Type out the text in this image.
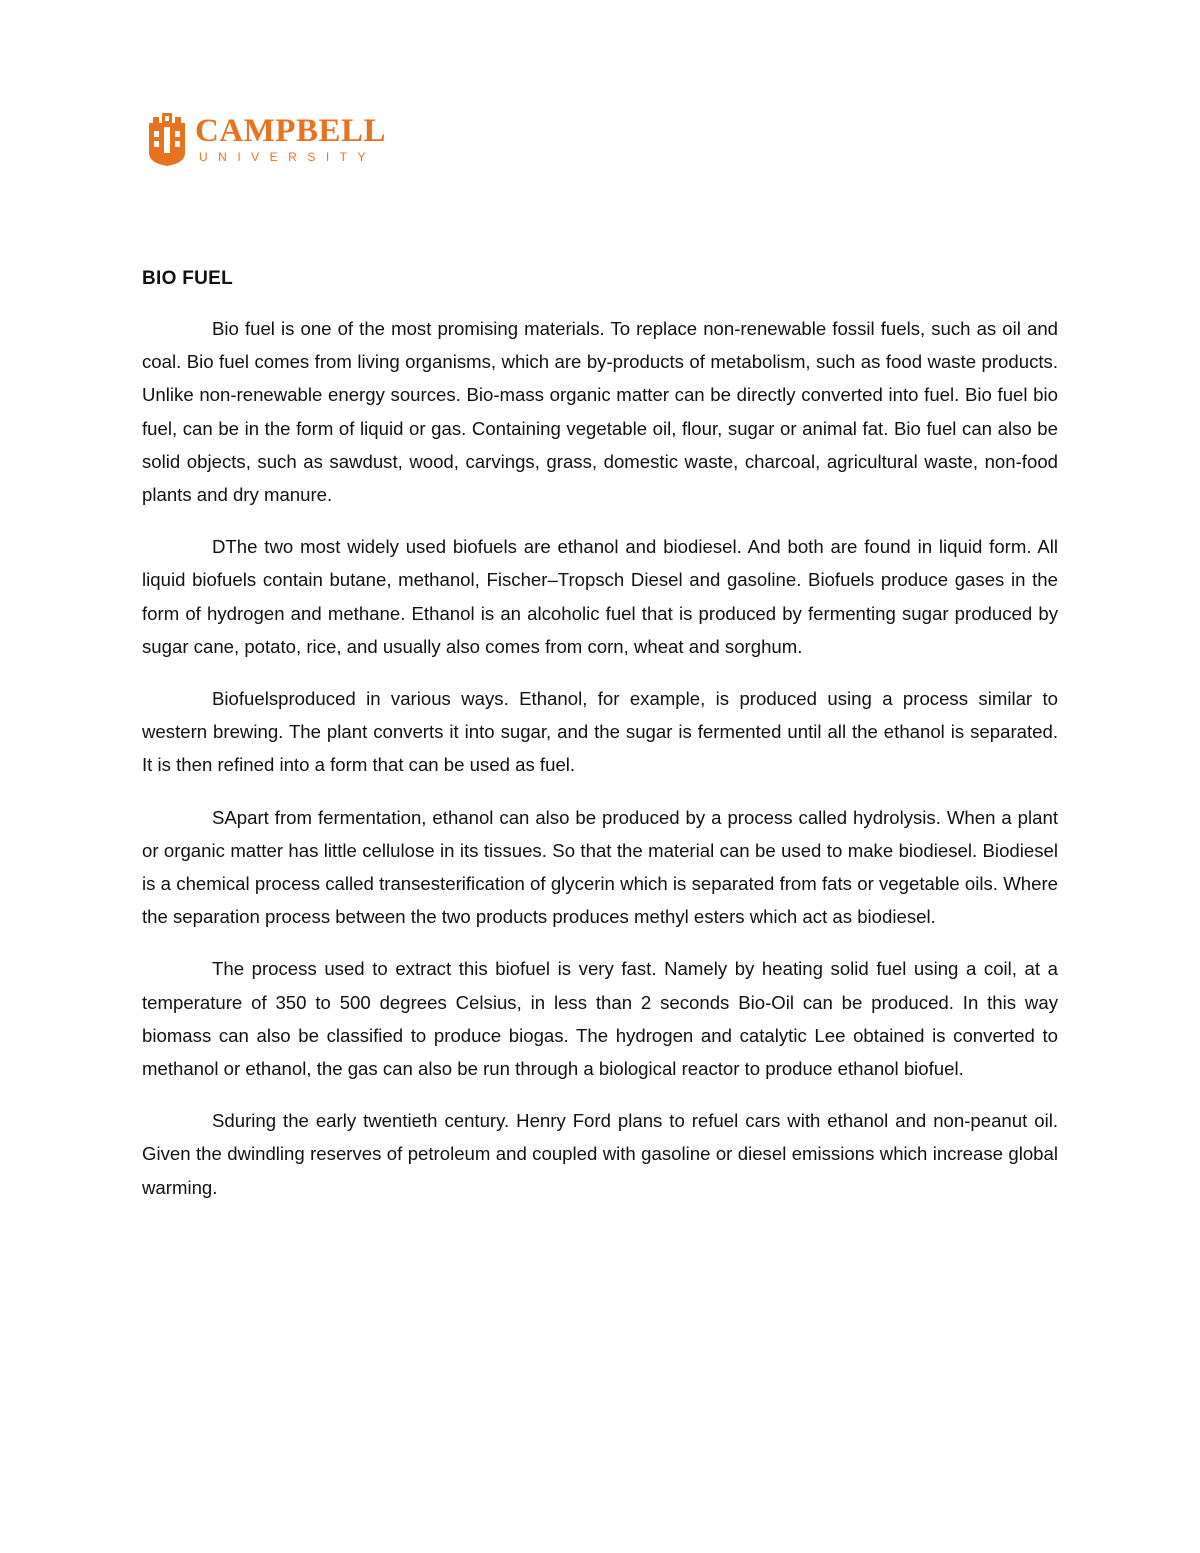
CAMPBELL
UNIVERSITY
BIO FUEL

Bio fuel is one of the most promising materials. To replace non-renewable fossil fuels, such as oil and coal. Bio fuel comes from living organisms, which are by-products of metabolism, such as food waste products. Unlike non-renewable energy sources. Bio-mass organic matter can be directly converted into fuel. Bio fuel bio fuel, can be in the form of liquid or gas. Containing vegetable oil, flour, sugar or animal fat. Bio fuel can also be solid objects, such as sawdust, wood, carvings, grass, domestic waste, charcoal, agricultural waste, non-food plants and dry manure.

DThe two most widely used biofuels are ethanol and biodiesel. And both are found in liquid form. All liquid biofuels contain butane, methanol, Fischer–Tropsch Diesel and gasoline. Biofuels produce gases in the form of hydrogen and methane. Ethanol is an alcoholic fuel that is produced by fermenting sugar produced by sugar cane, potato, rice, and usually also comes from corn, wheat and sorghum.

Biofuelsproduced in various ways. Ethanol, for example, is produced using a process similar to western brewing. The plant converts it into sugar, and the sugar is fermented until all the ethanol is separated. It is then refined into a form that can be used as fuel.

SApart from fermentation, ethanol can also be produced by a process called hydrolysis. When a plant or organic matter has little cellulose in its tissues. So that the material can be used to make biodiesel. Biodiesel is a chemical process called transesterification of glycerin which is separated from fats or vegetable oils. Where the separation process between the two products produces methyl esters which act as biodiesel.

The process used to extract this biofuel is very fast. Namely by heating solid fuel using a coil, at a temperature of 350 to 500 degrees Celsius, in less than 2 seconds Bio-Oil can be produced. In this way biomass can also be classified to produce biogas. The hydrogen and catalytic Lee obtained is converted to methanol or ethanol, the gas can also be run through a biological reactor to produce ethanol biofuel.

Sduring the early twentieth century. Henry Ford plans to refuel cars with ethanol and non-peanut oil. Given the dwindling reserves of petroleum and coupled with gasoline or diesel emissions which increase global warming.
